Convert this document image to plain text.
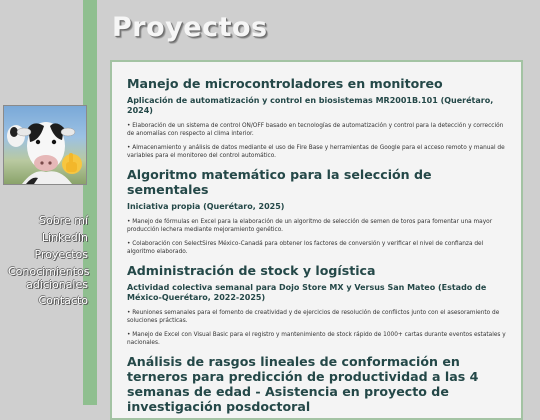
Sobre mí
LinkedIn
Proyectos
Conocimientos adicionales
Contacto
Proyectos
Manejo de microcontroladores en monitoreo
Aplicación de automatización y control en biosistemas MR2001B.101 (Querétaro, 2024)

• Elaboración de un sistema de control ON/OFF basado en tecnologías de automatización y control para la detección y corrección de anomalías con respecto al clima interior.

• Almacenamiento y análisis de datos mediante el uso de Fire Base y herramientas de Google para el acceso remoto y manual de variables para el monitoreo del control automático.

Algoritmo matemático para la selección de sementales
Iniciativa propia (Querétaro, 2025)

• Manejo de fórmulas en Excel para la elaboración de un algoritmo de selección de semen de toros para fomentar una mayor producción lechera mediante mejoramiento genético.

• Colaboración con SelectSires México-Canadá para obtener los factores de conversión y verificar el nivel de confianza del algoritmo elaborado.

Administración de stock y logística
Actividad colectiva semanal para Dojo Store MX y Versus San Mateo (Estado de México-Querétaro, 2022-2025)

• Reuniones semanales para el fomento de creatividad y de ejercicios de resolución de conflictos junto con el asesoramiento de soluciones prácticas.

• Manejo de Excel con Visual Basic para el registro y mantenimiento de stock rápido de 1000+ cartas durante eventos estatales y nacionales.

Análisis de rasgos lineales de conformación en terneros para predicción de productividad a las 4 semanas de edad - Asistencia en proyecto de investigación posdoctoral
